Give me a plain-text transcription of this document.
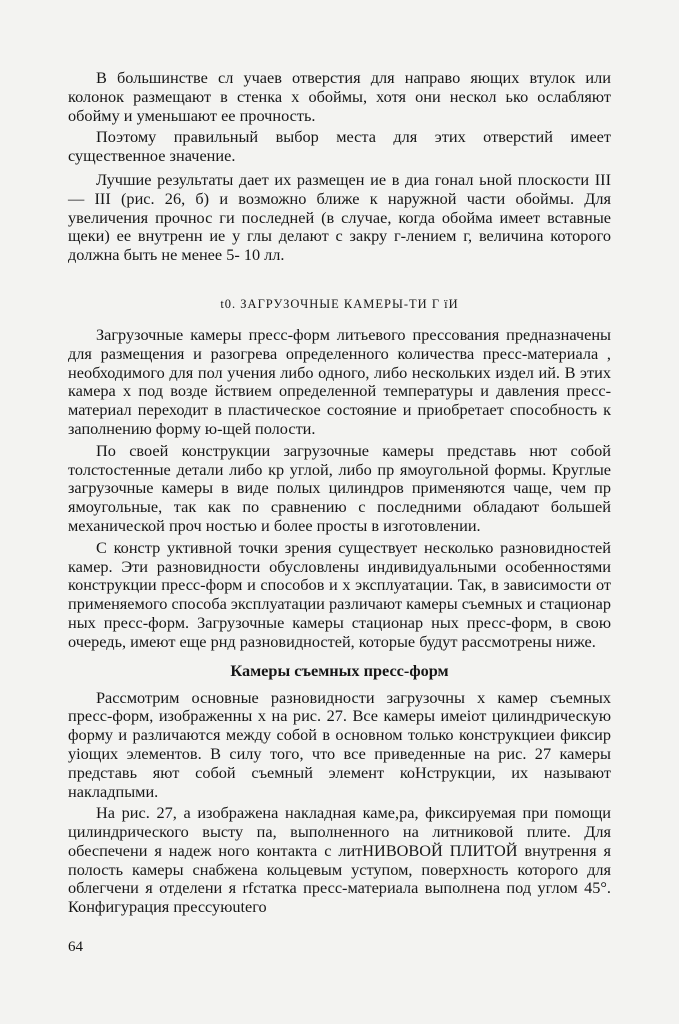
В большинстве сл учаев отверстия для направо яющих втулок или колонок размещают в стенка х обоймы, хотя они нескол ько ослабляют обойму и уменьшают ее прочность.

Поэтому правильный выбор места для этих отверстий имеет существенное значение.

Лучшие результаты дает их размещен ие в диа гонал ьной плоскости III — III (рис. 26, б) и возможно ближе к наружной части обоймы. Для увеличения прочнос ги последней (в случае, когда обойма имеет вставные щеки) ее внутренн ие у глы делают с закру г-лением г, величина которого должна быть не менее 5- 10 лл.

t0. ЗАГРУЗОЧНЫЕ КАМЕРЫ-ТИ Г ïИ

Загрузочные камеры пресс-форм литьевого прессования предназначены для размещения и разогрева определенного количества пресс-материала , необходимого для пол учения либо одного, либо нескольких издел ий. В этих камера х под возде йствием определенной температуры и давления пресс-материал переходит в пластическое состояние и приобретает способность к заполнению форму ю-щей полости.

По своей конструкции загрузочные камеры представь нют собой толстостенные детали либо кр углой, либо пр ямоугольной формы. Круглые загрузочные камеры в виде полых цилиндров применяются чаще, чем пр ямоугольные, так как по сравнению с последними обладают большей механической проч ностью и более просты в изготовлении.

С констр уктивной точки зрения существует несколько разновидностей камер. Эти разновидности обусловлены индивидуальными особенностями конструкции пресс-форм и способов и х эксплуатации. Так, в зависимости от применяемого способа эксплуатации различают камеры съемных и стационар ных пресс-форм. Загрузочные камеры стационар ных пресс-форм, в свою очередь, имеют еще рнд разновидностей, которые будут рассмотрены ниже.

Камеры съемных пресс-форм

Рассмотрим основные разновидности загрузочны х камер съемных пресс-форм, изображенны х на рис. 27. Все камеры имеiот цилиндрическую форму и различаются между собой в основном только конструкциеи фиксир уioщих элементов. В силу того, что все приведенные на рис. 27 камеры представь яют собой съемный элемент коНструкции, их называют накладпыми.

На рис. 27, а изображена накладная каме,ра, фиксируемая при помощи цилиндрического высту па, выполненного на литниковой плите. Для обеспечени я надеж ного контакта с литНИВОВОЙ ПЛИТОЙ внутрення я полость камеры снабжена кольцевым уступом, поверхность которого для облегчени я отделени я rfстатка пресс-материала выполнена под углом 45°. Конфигурация прессуюutего

64
